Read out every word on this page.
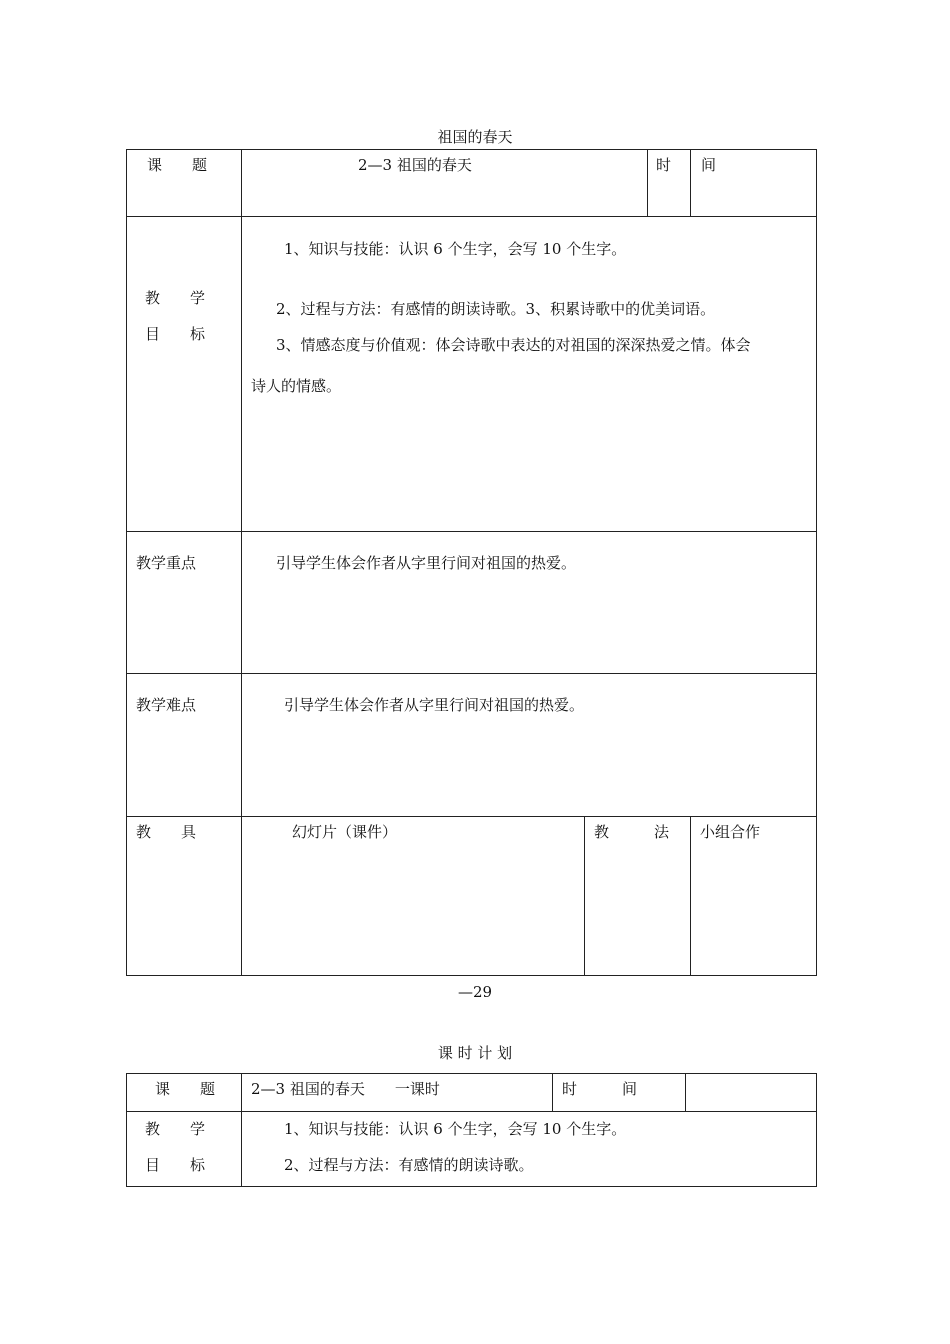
祖国的春天
课　　题	2—3 祖国的春天		时　　间	

教　　学
目　　标	1、知识与技能：认识 6 个生字，会写 10 个生字。
2、过程与方法：有感情的朗读诗歌。3、积累诗歌中的优美词语。
3、情感态度与价值观：体会诗歌中表达的对祖国的深深热爱之情。体会
诗人的情感。			

教学重点	引导学生体会作者从字里行间对祖国的热爱。			

教学难点	引导学生体会作者从字里行间对祖国的热爱。			

教　　具	幻灯片（课件）	教　　　法		小组合作
—29
课 时 计 划
课　　题	2—3 祖国的春天　　一课时	时　　　间	

教　　学
目　　标	1、知识与技能：认识 6 个生字，会写 10 个生字。
2、过程与方法：有感情的朗读诗歌。		
